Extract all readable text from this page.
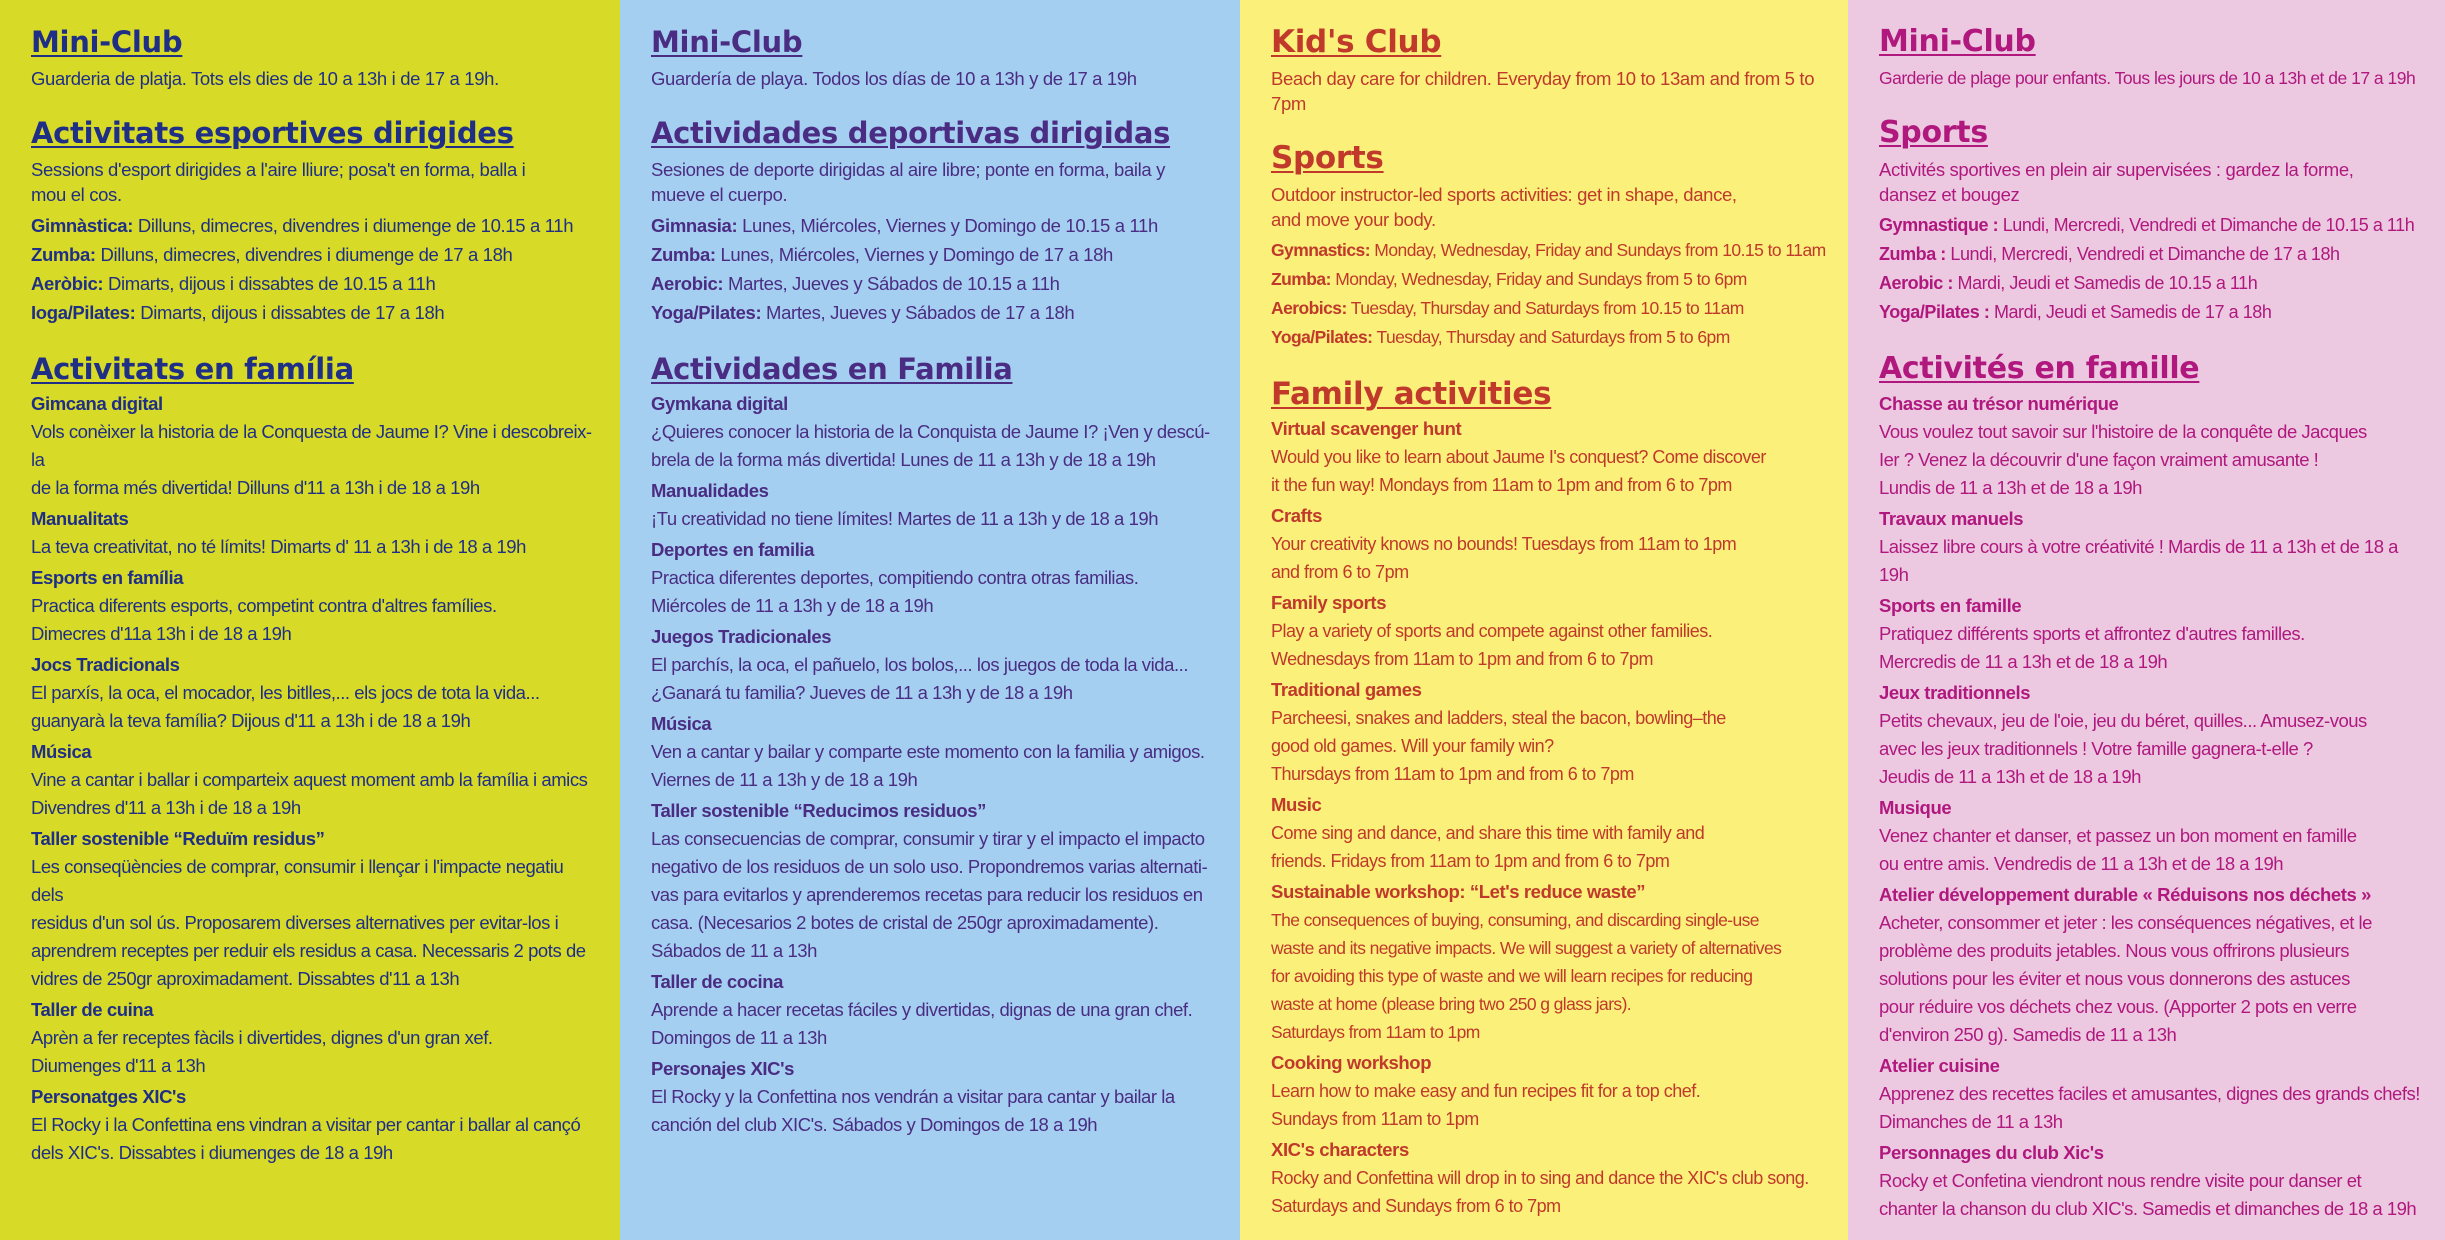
Mini-Club

Guarderia de platja. Tots els dies de 10 a 13h i de 17 a 19h.

Activitats esportives dirigides

Sessions d'esport dirigides a l'aire lliure; posa't en forma, balla i
mou el cos.

Gimnàstica: Dilluns, dimecres, divendres i diumenge de 10.15 a 11h
Zumba: Dilluns, dimecres, divendres i diumenge de 17 a 18h
Aeròbic: Dimarts, dijous i dissabtes de 10.15 a 11h
Ioga/Pilates: Dimarts, dijous i dissabtes de 17 a 18h
Activitats en família
Gimcana digital
Vols conèixer la historia de la Conquesta de Jaume I? Vine i descobreix-la
de la forma més divertida! Dilluns d'11 a 13h i de 18 a 19h
Manualitats
La teva creativitat, no té límits! Dimarts d' 11 a 13h i de 18 a 19h
Esports en família
Practica diferents esports, competint contra d'altres famílies.
Dimecres d'11a 13h i de 18 a 19h
Jocs Tradicionals
El parxís, la oca, el mocador, les bitlles,... els jocs de tota la vida...
guanyarà la teva família? Dijous d'11 a 13h i de 18 a 19h
Música
Vine a cantar i ballar i comparteix aquest moment amb la família i amics
Divendres d'11 a 13h i de 18 a 19h
Taller sostenible “Reduïm residus”
Les conseqüències de comprar, consumir i llençar i l'impacte negatiu dels
residus d'un sol ús. Proposarem diverses alternatives per evitar-los i
aprendrem receptes per reduir els residus a casa. Necessaris 2 pots de
vidres de 250gr aproximadament. Dissabtes d'11 a 13h
Taller de cuina
Aprèn a fer receptes fàcils i divertides, dignes d'un gran xef.
Diumenges d'11 a 13h
Personatges XIC's
El Rocky i la Confettina ens vindran a visitar per cantar i ballar al cançó
dels XIC's. Dissabtes i diumenges de 18 a 19h
Mini-Club

Guardería de playa. Todos los días de 10 a 13h y de 17 a 19h

Actividades deportivas dirigidas

Sesiones de deporte dirigidas al aire libre; ponte en forma, baila y
mueve el cuerpo.

Gimnasia: Lunes, Miércoles, Viernes y Domingo de 10.15 a 11h
Zumba: Lunes, Miércoles, Viernes y Domingo de 17 a 18h
Aerobic: Martes, Jueves y Sábados de 10.15 a 11h
Yoga/Pilates: Martes, Jueves y Sábados de 17 a 18h
Actividades en Familia
Gymkana digital
¿Quieres conocer la historia de la Conquista de Jaume I? ¡Ven y descú-
brela de la forma más divertida! Lunes de 11 a 13h y de 18 a 19h
Manualidades
¡Tu creatividad no tiene límites! Martes de 11 a 13h y de 18 a 19h
Deportes en familia
Practica diferentes deportes, compitiendo contra otras familias.
Miércoles de 11 a 13h y de 18 a 19h
Juegos Tradicionales
El parchís, la oca, el pañuelo, los bolos,... los juegos de toda la vida...
¿Ganará tu familia? Jueves de 11 a 13h y de 18 a 19h
Música
Ven a cantar y bailar y comparte este momento con la familia y amigos.
Viernes de 11 a 13h y de 18 a 19h
Taller sostenible “Reducimos residuos”
Las consecuencias de comprar, consumir y tirar y el impacto el impacto
negativo de los residuos de un solo uso. Propondremos varias alternati-
vas para evitarlos y aprenderemos recetas para reducir los residuos en
casa. (Necesarios 2 botes de cristal de 250gr aproximadamente).
Sábados de 11 a 13h
Taller de cocina
Aprende a hacer recetas fáciles y divertidas, dignas de una gran chef.
Domingos de 11 a 13h
Personajes XIC's
El Rocky y la Confettina nos vendrán a visitar para cantar y bailar la
canción del club XIC's. Sábados y Domingos de 18 a 19h
Kid's Club

Beach day care for children. Everyday from 10 to 13am and from 5 to 7pm

Sports

Outdoor instructor-led sports activities: get in shape, dance,
and move your body.

Gymnastics: Monday, Wednesday, Friday and Sundays from 10.15 to 11am
Zumba: Monday, Wednesday, Friday and Sundays from 5 to 6pm
Aerobics: Tuesday, Thursday and Saturdays from 10.15 to 11am
Yoga/Pilates: Tuesday, Thursday and Saturdays from 5 to 6pm
Family activities
Virtual scavenger hunt
Would you like to learn about Jaume I's conquest? Come discover
it the fun way! Mondays from 11am to 1pm and from 6 to 7pm
Crafts
Your creativity knows no bounds! Tuesdays from 11am to 1pm
and from 6 to 7pm
Family sports
Play a variety of sports and compete against other families.
Wednesdays from 11am to 1pm and from 6 to 7pm
Traditional games
Parcheesi, snakes and ladders, steal the bacon, bowling–the
good old games. Will your family win?
Thursdays from 11am to 1pm and from 6 to 7pm
Music
Come sing and dance, and share this time with family and
friends. Fridays from 11am to 1pm and from 6 to 7pm
Sustainable workshop: “Let's reduce waste”
The consequences of buying, consuming, and discarding single-use
waste and its negative impacts. We will suggest a variety of alternatives
for avoiding this type of waste and we will learn recipes for reducing
waste at home (please bring two 250 g glass jars).
Saturdays from 11am to 1pm
Cooking workshop
Learn how to make easy and fun recipes fit for a top chef.
Sundays from 11am to 1pm
XIC's characters
Rocky and Confettina will drop in to sing and dance the XIC's club song.
Saturdays and Sundays from 6 to 7pm
Mini-Club

Garderie de plage pour enfants. Tous les jours de 10 a 13h et de 17 a 19h

Sports

Activités sportives en plein air supervisées : gardez la forme,
dansez et bougez

Gymnastique : Lundi, Mercredi, Vendredi et Dimanche de 10.15 a 11h
Zumba : Lundi, Mercredi, Vendredi et Dimanche de 17 a 18h
Aerobic : Mardi, Jeudi et Samedis de 10.15 a 11h
Yoga/Pilates : Mardi, Jeudi et Samedis de 17 a 18h
Activités en famille
Chasse au trésor numérique
Vous voulez tout savoir sur l'histoire de la conquête de Jacques
Ier ? Venez la découvrir d'une façon vraiment amusante !
Lundis de 11 a 13h et de 18 a 19h
Travaux manuels
Laissez libre cours à votre créativité ! Mardis de 11 a 13h et de 18 a 19h
Sports en famille
Pratiquez différents sports et affrontez d'autres familles.
Mercredis de 11 a 13h et de 18 a 19h
Jeux traditionnels
Petits chevaux, jeu de l'oie, jeu du béret, quilles... Amusez-vous
avec les jeux traditionnels ! Votre famille gagnera-t-elle ?
Jeudis de 11 a 13h et de 18 a 19h
Musique
Venez chanter et danser, et passez un bon moment en famille
ou entre amis. Vendredis de 11 a 13h et de 18 a 19h
Atelier développement durable « Réduisons nos déchets »
Acheter, consommer et jeter : les conséquences négatives, et le
problème des produits jetables. Nous vous offrirons plusieurs
solutions pour les éviter et nous vous donnerons des astuces
pour réduire vos déchets chez vous. (Apporter 2 pots en verre
d'environ 250 g). Samedis de 11 a 13h
Atelier cuisine
Apprenez des recettes faciles et amusantes, dignes des grands chefs!
Dimanches de 11 a 13h
Personnages du club Xic's
Rocky et Confetina viendront nous rendre visite pour danser et
chanter la chanson du club XIC's. Samedis et dimanches de 18 a 19h
